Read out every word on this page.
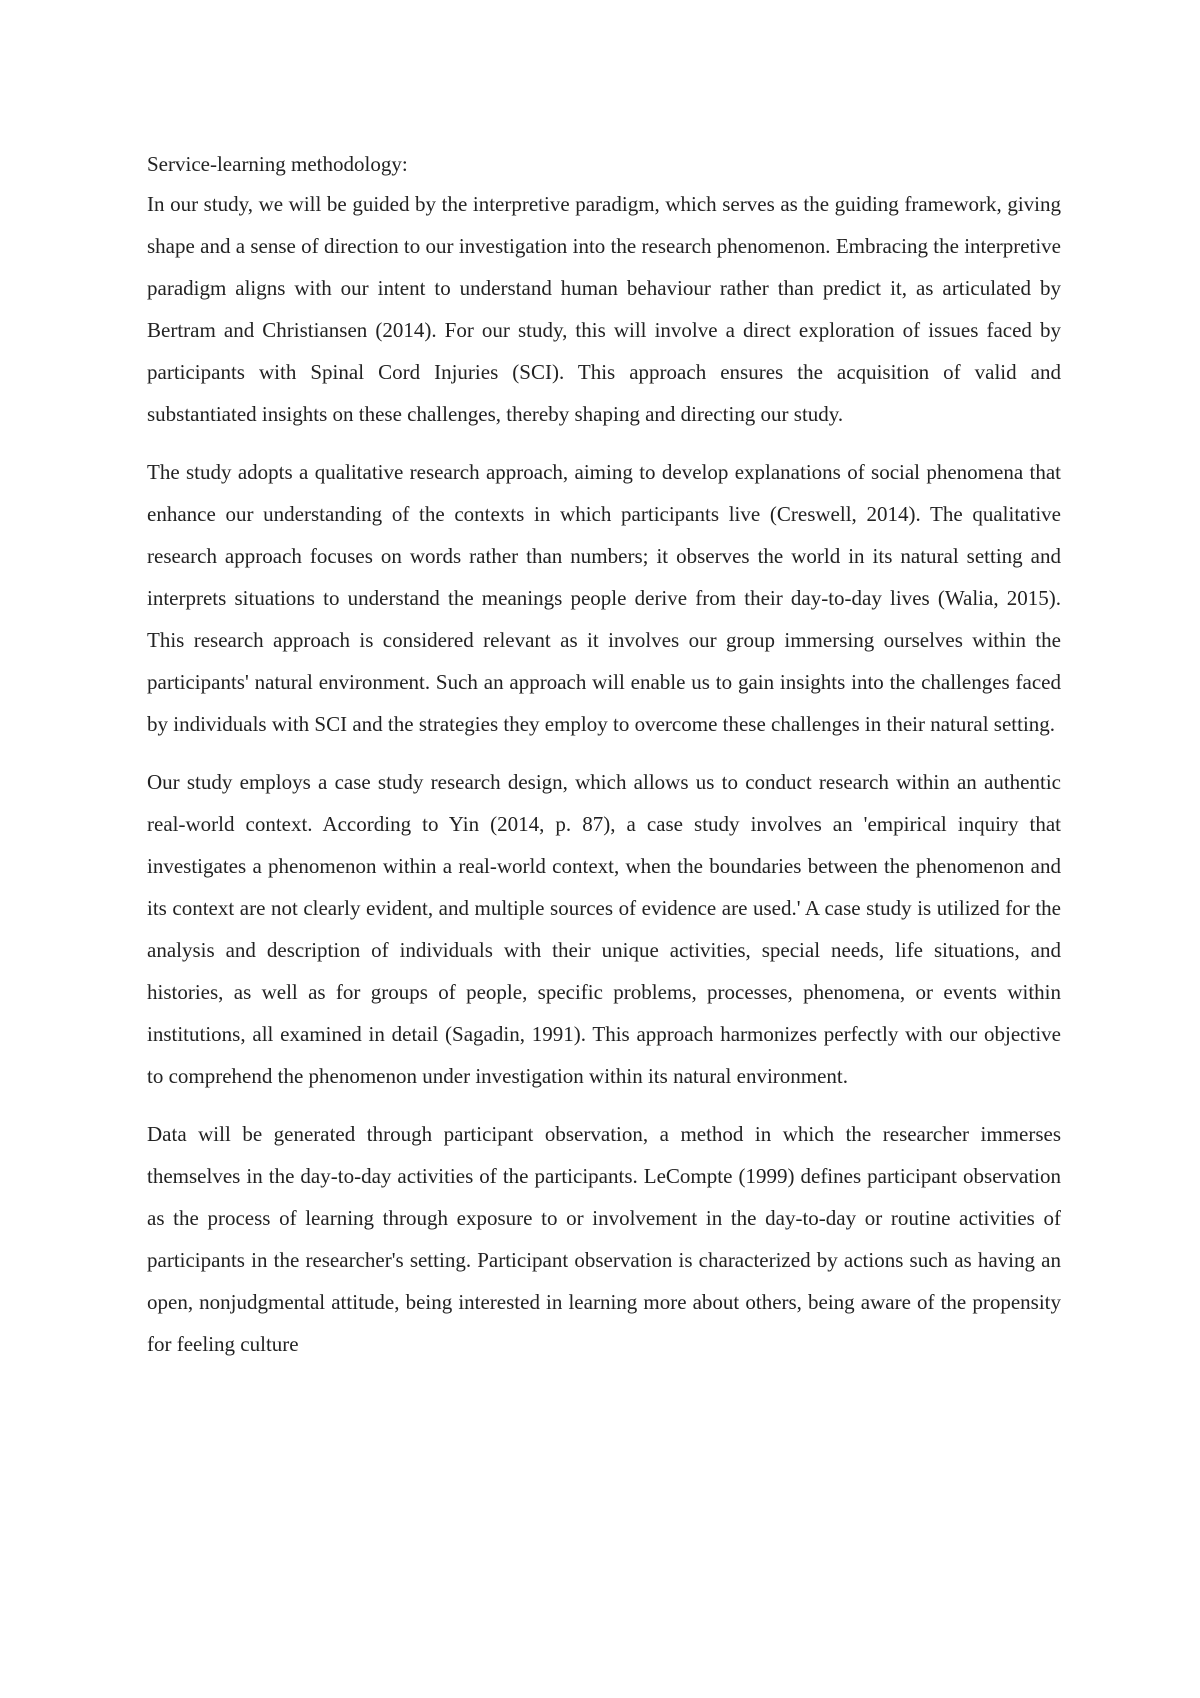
Service-learning methodology:

In our study, we will be guided by the interpretive paradigm, which serves as the guiding framework, giving shape and a sense of direction to our investigation into the research phenomenon. Embracing the interpretive paradigm aligns with our intent to understand human behaviour rather than predict it, as articulated by Bertram and Christiansen (2014). For our study, this will involve a direct exploration of issues faced by participants with Spinal Cord Injuries (SCI). This approach ensures the acquisition of valid and substantiated insights on these challenges, thereby shaping and directing our study.

The study adopts a qualitative research approach, aiming to develop explanations of social phenomena that enhance our understanding of the contexts in which participants live (Creswell, 2014). The qualitative research approach focuses on words rather than numbers; it observes the world in its natural setting and interprets situations to understand the meanings people derive from their day-to-day lives (Walia, 2015). This research approach is considered relevant as it involves our group immersing ourselves within the participants' natural environment. Such an approach will enable us to gain insights into the challenges faced by individuals with SCI and the strategies they employ to overcome these challenges in their natural setting.

Our study employs a case study research design, which allows us to conduct research within an authentic real-world context. According to Yin (2014, p. 87), a case study involves an 'empirical inquiry that investigates a phenomenon within a real-world context, when the boundaries between the phenomenon and its context are not clearly evident, and multiple sources of evidence are used.' A case study is utilized for the analysis and description of individuals with their unique activities, special needs, life situations, and histories, as well as for groups of people, specific problems, processes, phenomena, or events within institutions, all examined in detail (Sagadin, 1991). This approach harmonizes perfectly with our objective to comprehend the phenomenon under investigation within its natural environment.

Data will be generated through participant observation, a method in which the researcher immerses themselves in the day-to-day activities of the participants. LeCompte (1999) defines participant observation as the process of learning through exposure to or involvement in the day-to-day or routine activities of participants in the researcher's setting. Participant observation is characterized by actions such as having an open, nonjudgmental attitude, being interested in learning more about others, being aware of the propensity for feeling culture
